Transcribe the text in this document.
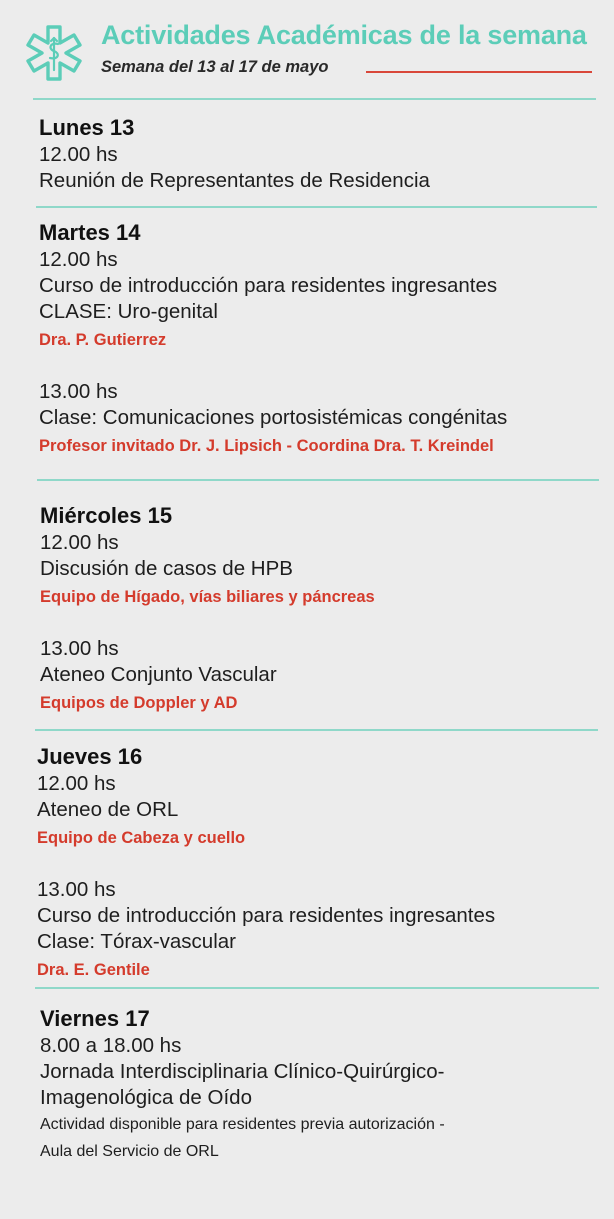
Actividades Académicas de la semana
Semana del 13 al 17 de mayo
Lunes 13
12.00 hs
Reunión de Representantes de Residencia
Martes 14
12.00 hs
Curso de introducción para residentes ingresantes
CLASE: Uro-genital
Dra. P. Gutierrez
13.00 hs
Clase: Comunicaciones portosistémicas congénitas
Profesor invitado Dr. J. Lipsich - Coordina Dra. T. Kreindel
Miércoles 15
12.00 hs
Discusión de casos de HPB
Equipo de Hígado, vías biliares y páncreas
13.00 hs
Ateneo Conjunto Vascular
Equipos de Doppler y AD
Jueves 16
12.00 hs
Ateneo de ORL
Equipo de Cabeza y cuello
13.00 hs
Curso de introducción para residentes ingresantes
Clase: Tórax-vascular
Dra. E. Gentile
Viernes 17
8.00 a 18.00 hs
Jornada Interdisciplinaria Clínico-Quirúrgico-
Imagenológica de Oído
Actividad disponible para residentes previa autorización -
Aula del Servicio de ORL
